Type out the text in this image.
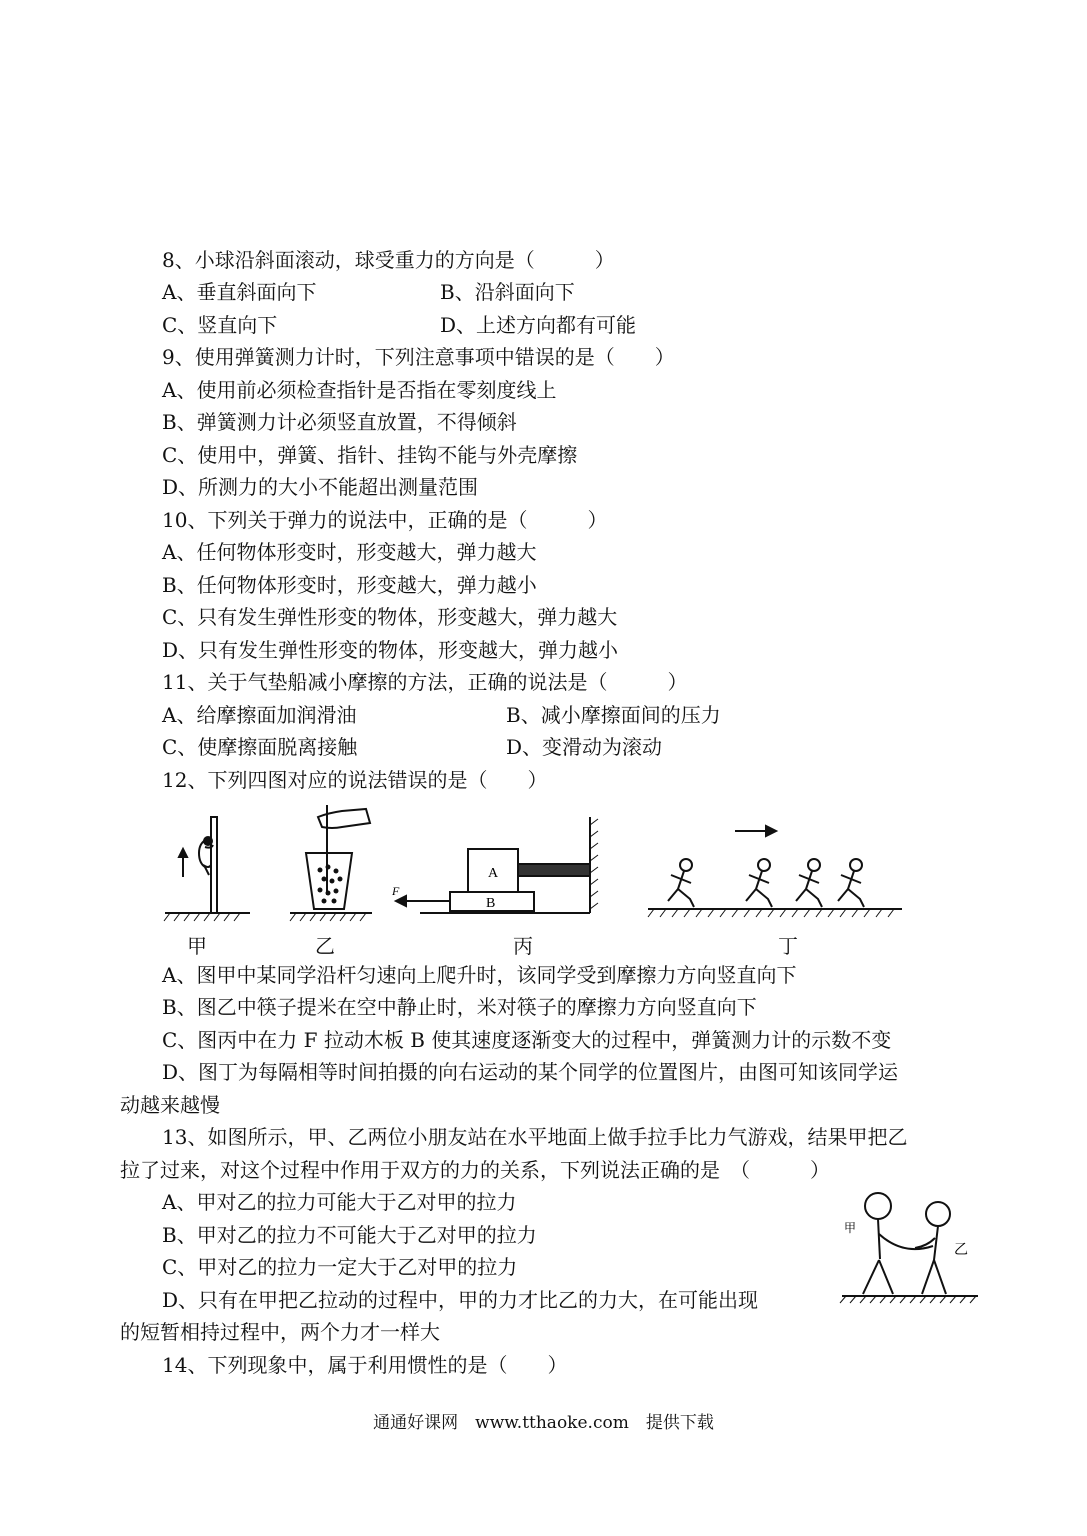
8、小球沿斜面滚动，球受重力的方向是（　　　）
A、垂直斜面向下	B、沿斜面向下
C、竖直向下	D、上述方向都有可能
9、使用弹簧测力计时，下列注意事项中错误的是（　　）
A、使用前必须检查指针是否指在零刻度线上
B、弹簧测力计必须竖直放置，不得倾斜
C、使用中，弹簧、指针、挂钩不能与外壳摩擦
D、所测力的大小不能超出测量范围
10、下列关于弹力的说法中，正确的是（　　　）
A、任何物体形变时，形变越大，弹力越大
B、任何物体形变时，形变越大，弹力越小
C、只有发生弹性形变的物体，形变越大，弹力越大
D、只有发生弹性形变的物体，形变越大，弹力越小
11、关于气垫船减小摩擦的方法，正确的说法是（　　　）
A、给摩擦面加润滑油	B、减小摩擦面间的压力
C、使摩擦面脱离接触	D、变滑动为滚动
12、下列四图对应的说法错误的是（　　）
A
B
F
甲	乙	丙	丁
A、图甲中某同学沿杆匀速向上爬升时，该同学受到摩擦力方向竖直向下
B、图乙中筷子提米在空中静止时，米对筷子的摩擦力方向竖直向下
C、图丙中在力 F 拉动木板 B 使其速度逐渐变大的过程中，弹簧测力计的示数不变
D、图丁为每隔相等时间拍摄的向右运动的某个同学的位置图片，由图可知该同学运
动越来越慢
13、如图所示，甲、乙两位小朋友站在水平地面上做手拉手比力气游戏，结果甲把乙
拉了过来，对这个过程中作用于双方的力的关系，下列说法正确的是　（　　　）
A、甲对乙的拉力可能大于乙对甲的拉力
B、甲对乙的拉力不可能大于乙对甲的拉力
C、甲对乙的拉力一定大于乙对甲的拉力
D、只有在甲把乙拉动的过程中，甲的力才比乙的力大，在可能出现
的短暂相持过程中，两个力才一样大
甲
乙
14、下列现象中，属于利用惯性的是（　　）
通通好课网　www.tthaoke.com　提供下载
